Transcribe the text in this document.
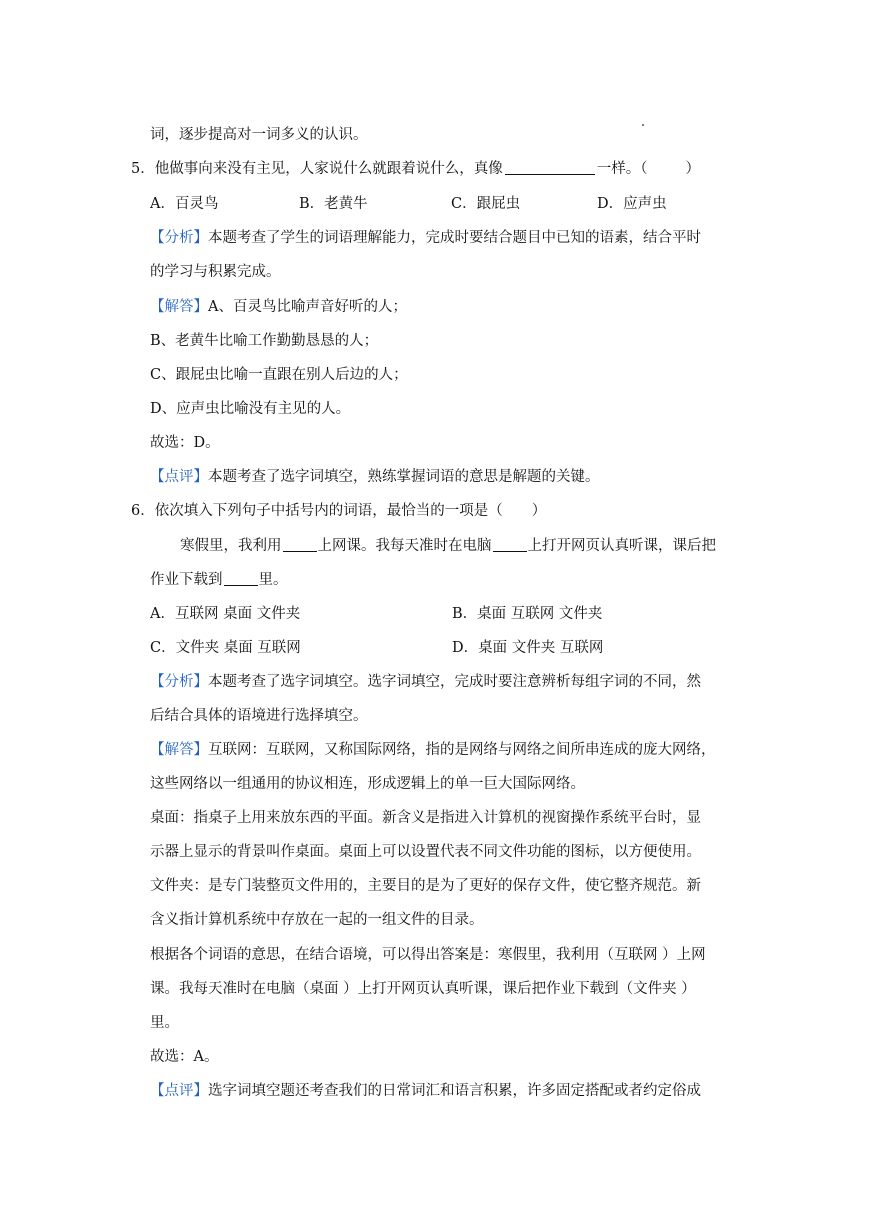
词，逐步提高对一词多义的认识。
5．他做事向来没有主见，人家说什么就跟着说什么，真像	一样。（	）
A．百灵鸟	B．老黄牛	C．跟屁虫	D．应声虫
【分析】本题考查了学生的词语理解能力，完成时要结合题目中已知的语素，结合平时
的学习与积累完成。
【解答】A、百灵鸟比喻声音好听的人；
B、老黄牛比喻工作勤勤恳恳的人；
C、跟屁虫比喻一直跟在别人后边的人；
D、应声虫比喻没有主见的人。
故选：D。
【点评】本题考查了选字词填空，熟练掌握词语的意思是解题的关键。
6．依次填入下列句子中括号内的词语，最恰当的一项是（　　）
寒假里，我利用 上网课。我每天准时在电脑 上打开网页认真听课，课后把
作业下载到 里。
A．互联网 桌面 文件夹	B．桌面 互联网 文件夹
C．文件夹 桌面 互联网	D．桌面 文件夹 互联网
【分析】本题考查了选字词填空。选字词填空，完成时要注意辨析每组字词的不同，然
后结合具体的语境进行选择填空。
【解答】互联网：互联网，又称国际网络，指的是网络与网络之间所串连成的庞大网络，
这些网络以一组通用的协议相连，形成逻辑上的单一巨大国际网络。
桌面：指桌子上用来放东西的平面。新含义是指进入计算机的视窗操作系统平台时，显
示器上显示的背景叫作桌面。桌面上可以设置代表不同文件功能的图标，以方便使用。
文件夹：是专门装整页文件用的，主要目的是为了更好的保存文件，使它整齐规范。新
含义指计算机系统中存放在一起的一组文件的目录。
根据各个词语的意思，在结合语境，可以得出答案是：寒假里，我利用（互联网 ）上网
课。我每天准时在电脑（桌面 ）上打开网页认真听课，课后把作业下载到（文件夹 ）
里。
故选：A。
【点评】选字词填空题还考查我们的日常词汇和语言积累，许多固定搭配或者约定俗成
